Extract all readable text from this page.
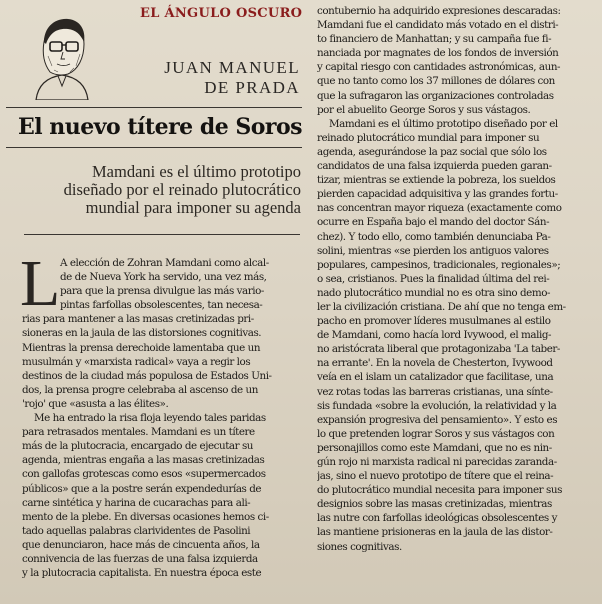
EL ÁNGULO OSCURO
JUAN MANUEL
DE PRADA
El nuevo títere de Soros
Mamdani es el último prototipo
diseñado por el reinado plutocrático
mundial para imponer su agenda
L A elección de Zohran Mamdani como alcal-
de de Nueva York ha servido, una vez más,
para que la prensa divulgue las más vario-
pintas farfollas obsolescentes, tan necesa-
rias para mantener a las masas cretinizadas pri-
sioneras en la jaula de las distorsiones cognitivas.
Mientras la prensa derechoide lamentaba que un
musulmán y «marxista radical» vaya a regir los
destinos de la ciudad más populosa de Estados Uni-
dos, la prensa progre celebraba al ascenso de un
'rojo' que «asusta a las élites».
Me ha entrado la risa floja leyendo tales paridas
para retrasados mentales. Mamdani es un títere
más de la plutocracia, encargado de ejecutar su
agenda, mientras engaña a las masas cretinizadas
con gallofas grotescas como esos «supermercados
públicos» que a la postre serán expendedurías de
carne sintética y harina de cucarachas para ali-
mento de la plebe. En diversas ocasiones hemos ci-
tado aquellas palabras clarividentes de Pasolini
que denunciaron, hace más de cincuenta años, la
connivencia de las fuerzas de una falsa izquierda
y la plutocracia capitalista. En nuestra época este
contubernio ha adquirido expresiones descaradas:
Mamdani fue el candidato más votado en el distri-
to financiero de Manhattan; y su campaña fue fi-
nanciada por magnates de los fondos de inversión
y capital riesgo con cantidades astronómicas, aun-
que no tanto como los 37 millones de dólares con
que la sufragaron las organizaciones controladas
por el abuelito George Soros y sus vástagos.
Mamdani es el último prototipo diseñado por el
reinado plutocrático mundial para imponer su
agenda, asegurándose la paz social que sólo los
candidatos de una falsa izquierda pueden garan-
tizar, mientras se extiende la pobreza, los sueldos
pierden capacidad adquisitiva y las grandes fortu-
nas concentran mayor riqueza (exactamente como
ocurre en España bajo el mando del doctor Sán-
chez). Y todo ello, como también denunciaba Pa-
solini, mientras «se pierden los antiguos valores
populares, campesinos, tradicionales, regionales»;
o sea, cristianos. Pues la finalidad última del rei-
nado plutocrático mundial no es otra sino demo-
ler la civilización cristiana. De ahí que no tenga em-
pacho en promover líderes musulmanes al estilo
de Mamdani, como hacía lord Ivywood, el malig-
no aristócrata liberal que protagonizaba 'La taber-
na errante'. En la novela de Chesterton, Ivywood
veía en el islam un catalizador que facilitase, una
vez rotas todas las barreras cristianas, una sínte-
sis fundada «sobre la evolución, la relatividad y la
expansión progresiva del pensamiento». Y esto es
lo que pretenden lograr Soros y sus vástagos con
personajillos como este Mamdani, que no es nin-
gún rojo ni marxista radical ni parecidas zaranda-
jas, sino el nuevo prototipo de títere que el reina-
do plutocrático mundial necesita para imponer sus
designios sobre las masas cretinizadas, mientras
las nutre con farfollas ideológicas obsolescentes y
las mantiene prisioneras en la jaula de las distor-
siones cognitivas.
